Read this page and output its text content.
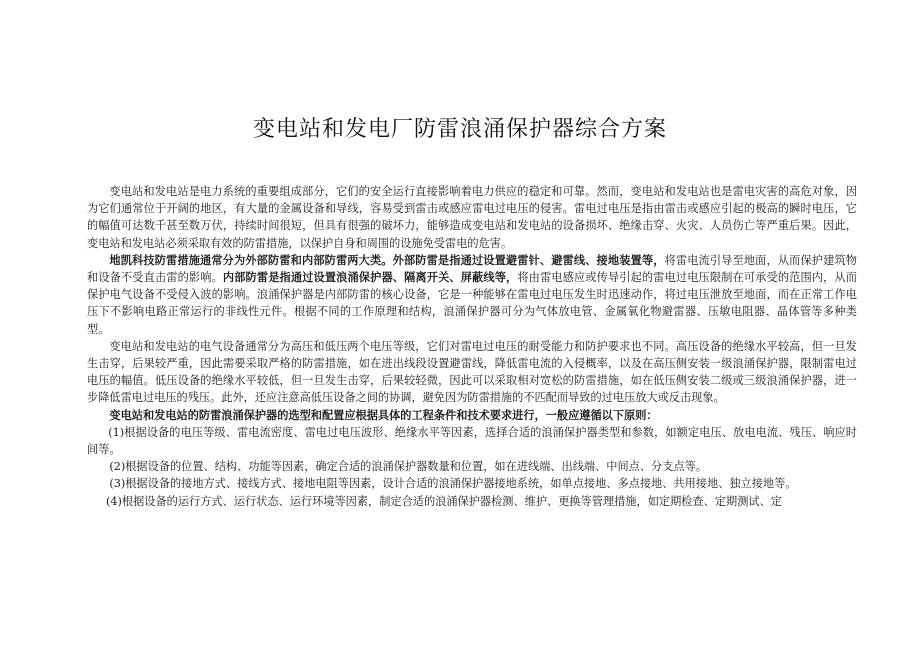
变电站和发电厂防雷浪涌保护器综合方案

变电站和发电站是电力系统的重要组成部分，它们的安全运行直接影响着电力供应的稳定和可靠。然而，变电站和发电站也是雷电灾害的高危对象，因为它们通常位于开阔的地区，有大量的金属设备和导线，容易受到雷击或感应雷电过电压的侵害。雷电过电压是指由雷击或感应引起的极高的瞬时电压，它的幅值可达数千甚至数万伏，持续时间很短，但具有很强的破坏力，能够造成变电站和发电站的设备损坏、绝缘击穿、火灾、人员伤亡等严重后果。因此，变电站和发电站必须采取有效的防雷措施，以保护自身和周围的设施免受雷电的危害。

地凯科技防雷措施通常分为外部防雷和内部防雷两大类。外部防雷是指通过设置避雷针、避雷线、接地装置等，将雷电流引导至地面，从而保护建筑物和设备不受直击雷的影响。内部防雷是指通过设置浪涌保护器、隔离开关、屏蔽线等，将由雷电感应或传导引起的雷电过电压限制在可承受的范围内，从而保护电气设备不受侵入波的影响。浪涌保护器是内部防雷的核心设备，它是一种能够在雷电过电压发生时迅速动作，将过电压泄放至地面，而在正常工作电压下不影响电路正常运行的非线性元件。根据不同的工作原理和结构，浪涌保护器可分为气体放电管、金属氧化物避雷器、压敏电阻器、晶体管等多种类型。

变电站和发电站的电气设备通常分为高压和低压两个电压等级，它们对雷电过电压的耐受能力和防护要求也不同。高压设备的绝缘水平较高，但一旦发生击穿，后果较严重，因此需要采取严格的防雷措施，如在进出线段设置避雷线，降低雷电流的入侵概率，以及在高压侧安装一级浪涌保护器，限制雷电过电压的幅值。低压设备的绝缘水平较低，但一旦发生击穿，后果较轻微，因此可以采取相对宽松的防雷措施，如在低压侧安装二级或三级浪涌保护器，进一步降低雷电过电压的残压。此外，还应注意高低压设备之间的协调，避免因为防雷措施的不匹配而导致的过电压放大或反击现象。

变电站和发电站的防雷浪涌保护器的选型和配置应根据具体的工程条件和技术要求进行，一般应遵循以下原则：

(1)根据设备的电压等级、雷电流密度、雷电过电压波形、绝缘水平等因素，选择合适的浪涌保护器类型和参数，如额定电压、放电电流、残压、响应时间等。

(2)根据设备的位置、结构、功能等因素，确定合适的浪涌保护器数量和位置，如在进线端、出线端、中间点、分支点等。

(3)根据设备的接地方式、接线方式、接地电阻等因素，设计合适的浪涌保护器接地系统，如单点接地、多点接地、共用接地、独立接地等。

(4)根据设备的运行方式、运行状态、运行环境等因素，制定合适的浪涌保护器检测、维护、更换等管理措施，如定期检查、定期测试、定
